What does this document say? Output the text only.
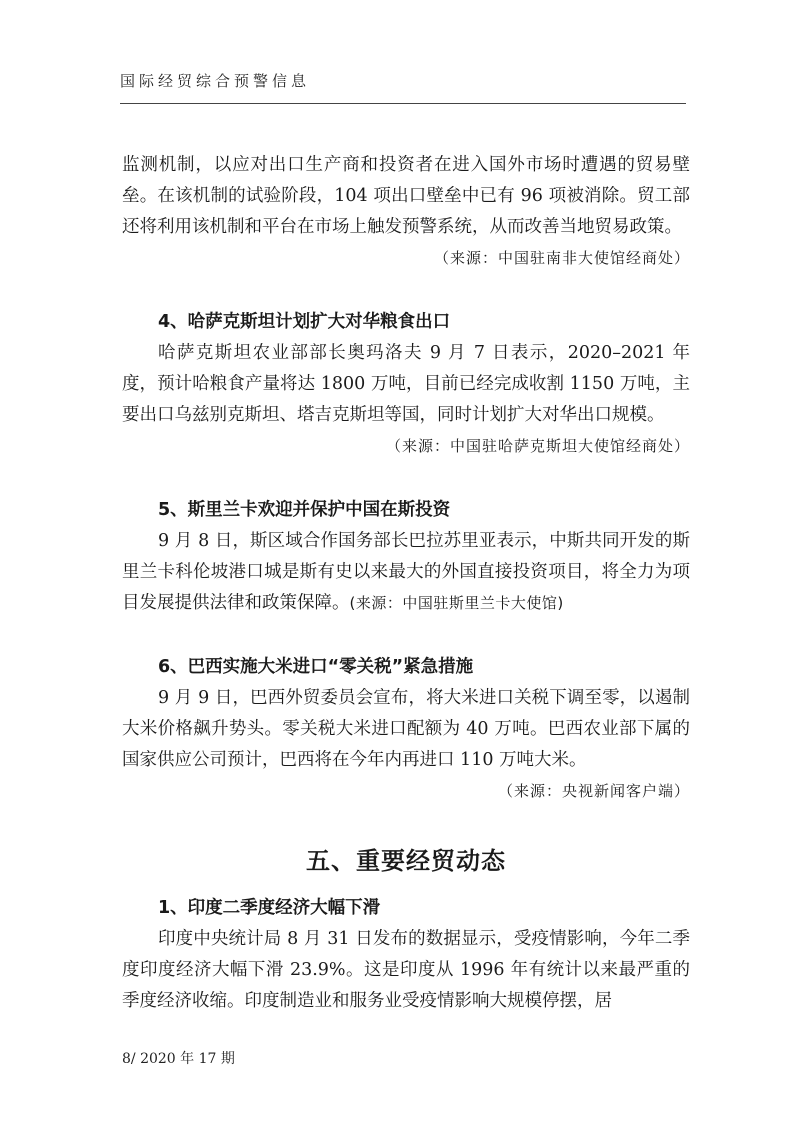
国际经贸综合预警信息

监测机制，以应对出口生产商和投资者在进入国外市场时遭遇的贸易壁垒。在该机制的试验阶段，104 项出口壁垒中已有 96 项被消除。贸工部还将利用该机制和平台在市场上触发预警系统，从而改善当地贸易政策。

（来源：中国驻南非大使馆经商处）

4、哈萨克斯坦计划扩大对华粮食出口

哈萨克斯坦农业部部长奥玛洛夫 9 月 7 日表示，2020–2021 年度，预计哈粮食产量将达 1800 万吨，目前已经完成收割 1150 万吨，主要出口乌兹别克斯坦、塔吉克斯坦等国，同时计划扩大对华出口规模。

（来源：中国驻哈萨克斯坦大使馆经商处）

5、斯里兰卡欢迎并保护中国在斯投资

9 月 8 日，斯区域合作国务部长巴拉苏里亚表示，中斯共同开发的斯里兰卡科伦坡港口城是斯有史以来最大的外国直接投资项目，将全力为项目发展提供法律和政策保障。(来源：中国驻斯里兰卡大使馆)

6、巴西实施大米进口“零关税”紧急措施

9 月 9 日，巴西外贸委员会宣布，将大米进口关税下调至零，以遏制大米价格飙升势头。零关税大米进口配额为 40 万吨。巴西农业部下属的国家供应公司预计，巴西将在今年内再进口 110 万吨大米。

（来源：央视新闻客户端）

五、重要经贸动态

1、印度二季度经济大幅下滑

印度中央统计局 8 月 31 日发布的数据显示，受疫情影响，今年二季度印度经济大幅下滑 23.9%。这是印度从 1996 年有统计以来最严重的季度经济收缩。印度制造业和服务业受疫情影响大规模停摆，居

8/ 2020 年 17 期
